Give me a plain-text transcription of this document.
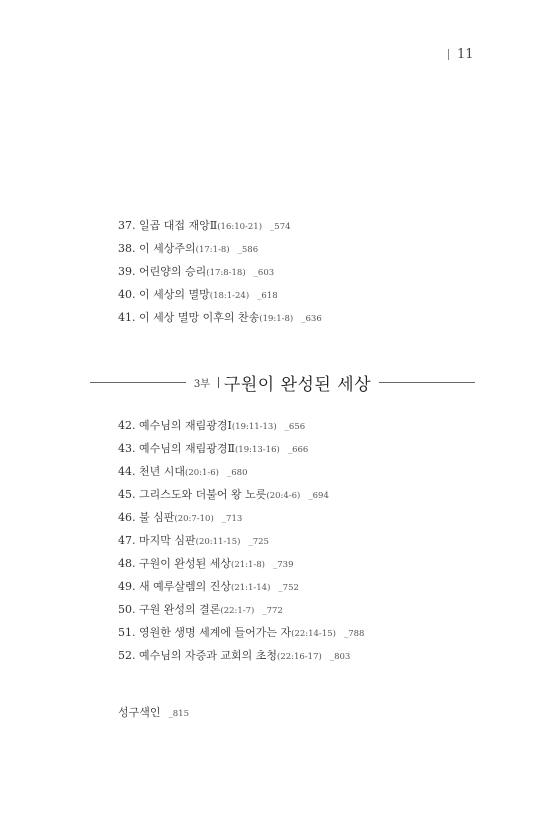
11
37. 일곱 대접 재앙Ⅱ(16:10-21) _574
38. 이 세상주의(17:1-8) _586
39. 어린양의 승리(17:8-18) _603
40. 이 세상의 멸망(18:1-24) _618
41. 이 세상 멸망 이후의 찬송(19:1-8) _636
3부 구원이 완성된 세상
42. 예수님의 재림광경Ⅰ(19:11-13) _656
43. 예수님의 재림광경Ⅱ(19:13-16) _666
44. 천년 시대(20:1-6) _680
45. 그리스도와 더불어 왕 노릇(20:4-6) _694
46. 불 심판(20:7-10) _713
47. 마지막 심판(20:11-15) _725
48. 구원이 완성된 세상(21:1-8) _739
49. 새 예루살렘의 진상(21:1-14) _752
50. 구원 완성의 결론(22:1-7) _772
51. 영원한 생명 세계에 들어가는 자(22:14-15) _788
52. 예수님의 자증과 교회의 초청(22:16-17) _803
성구색인 _815
